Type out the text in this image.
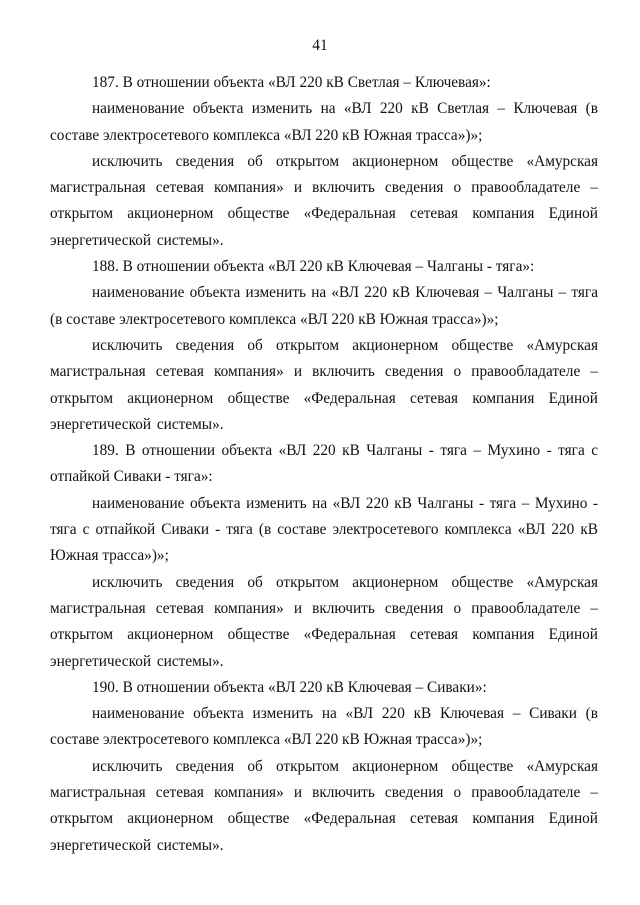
41

187. В отношении объекта «ВЛ 220 кВ Светлая – Ключевая»:

наименование объекта изменить на «ВЛ 220 кВ Светлая – Ключевая (в составе электросетевого комплекса «ВЛ 220 кВ Южная трасса»)»;

исключить сведения об открытом акционерном обществе «Амурская магистральная сетевая компания» и включить сведения о правообладателе – открытом акционерном обществе «Федеральная сетевая компания Единой энергетической системы».

188. В отношении объекта «ВЛ 220 кВ Ключевая – Чалганы - тяга»:

наименование объекта изменить на «ВЛ 220 кВ Ключевая – Чалганы – тяга (в составе электросетевого комплекса «ВЛ 220 кВ Южная трасса»)»;

исключить сведения об открытом акционерном обществе «Амурская магистральная сетевая компания» и включить сведения о правообладателе – открытом акционерном обществе «Федеральная сетевая компания Единой энергетической системы».

189. В отношении объекта «ВЛ 220 кВ Чалганы - тяга – Мухино - тяга с отпайкой Сиваки - тяга»:

наименование объекта изменить на «ВЛ 220 кВ Чалганы - тяга – Мухино - тяга с отпайкой Сиваки - тяга (в составе электросетевого комплекса «ВЛ 220 кВ Южная трасса»)»;

исключить сведения об открытом акционерном обществе «Амурская магистральная сетевая компания» и включить сведения о правообладателе – открытом акционерном обществе «Федеральная сетевая компания Единой энергетической системы».

190. В отношении объекта «ВЛ 220 кВ Ключевая – Сиваки»:

наименование объекта изменить на «ВЛ 220 кВ Ключевая – Сиваки (в составе электросетевого комплекса «ВЛ 220 кВ Южная трасса»)»;

исключить сведения об открытом акционерном обществе «Амурская магистральная сетевая компания» и включить сведения о правообладателе – открытом акционерном обществе «Федеральная сетевая компания Единой энергетической системы».
